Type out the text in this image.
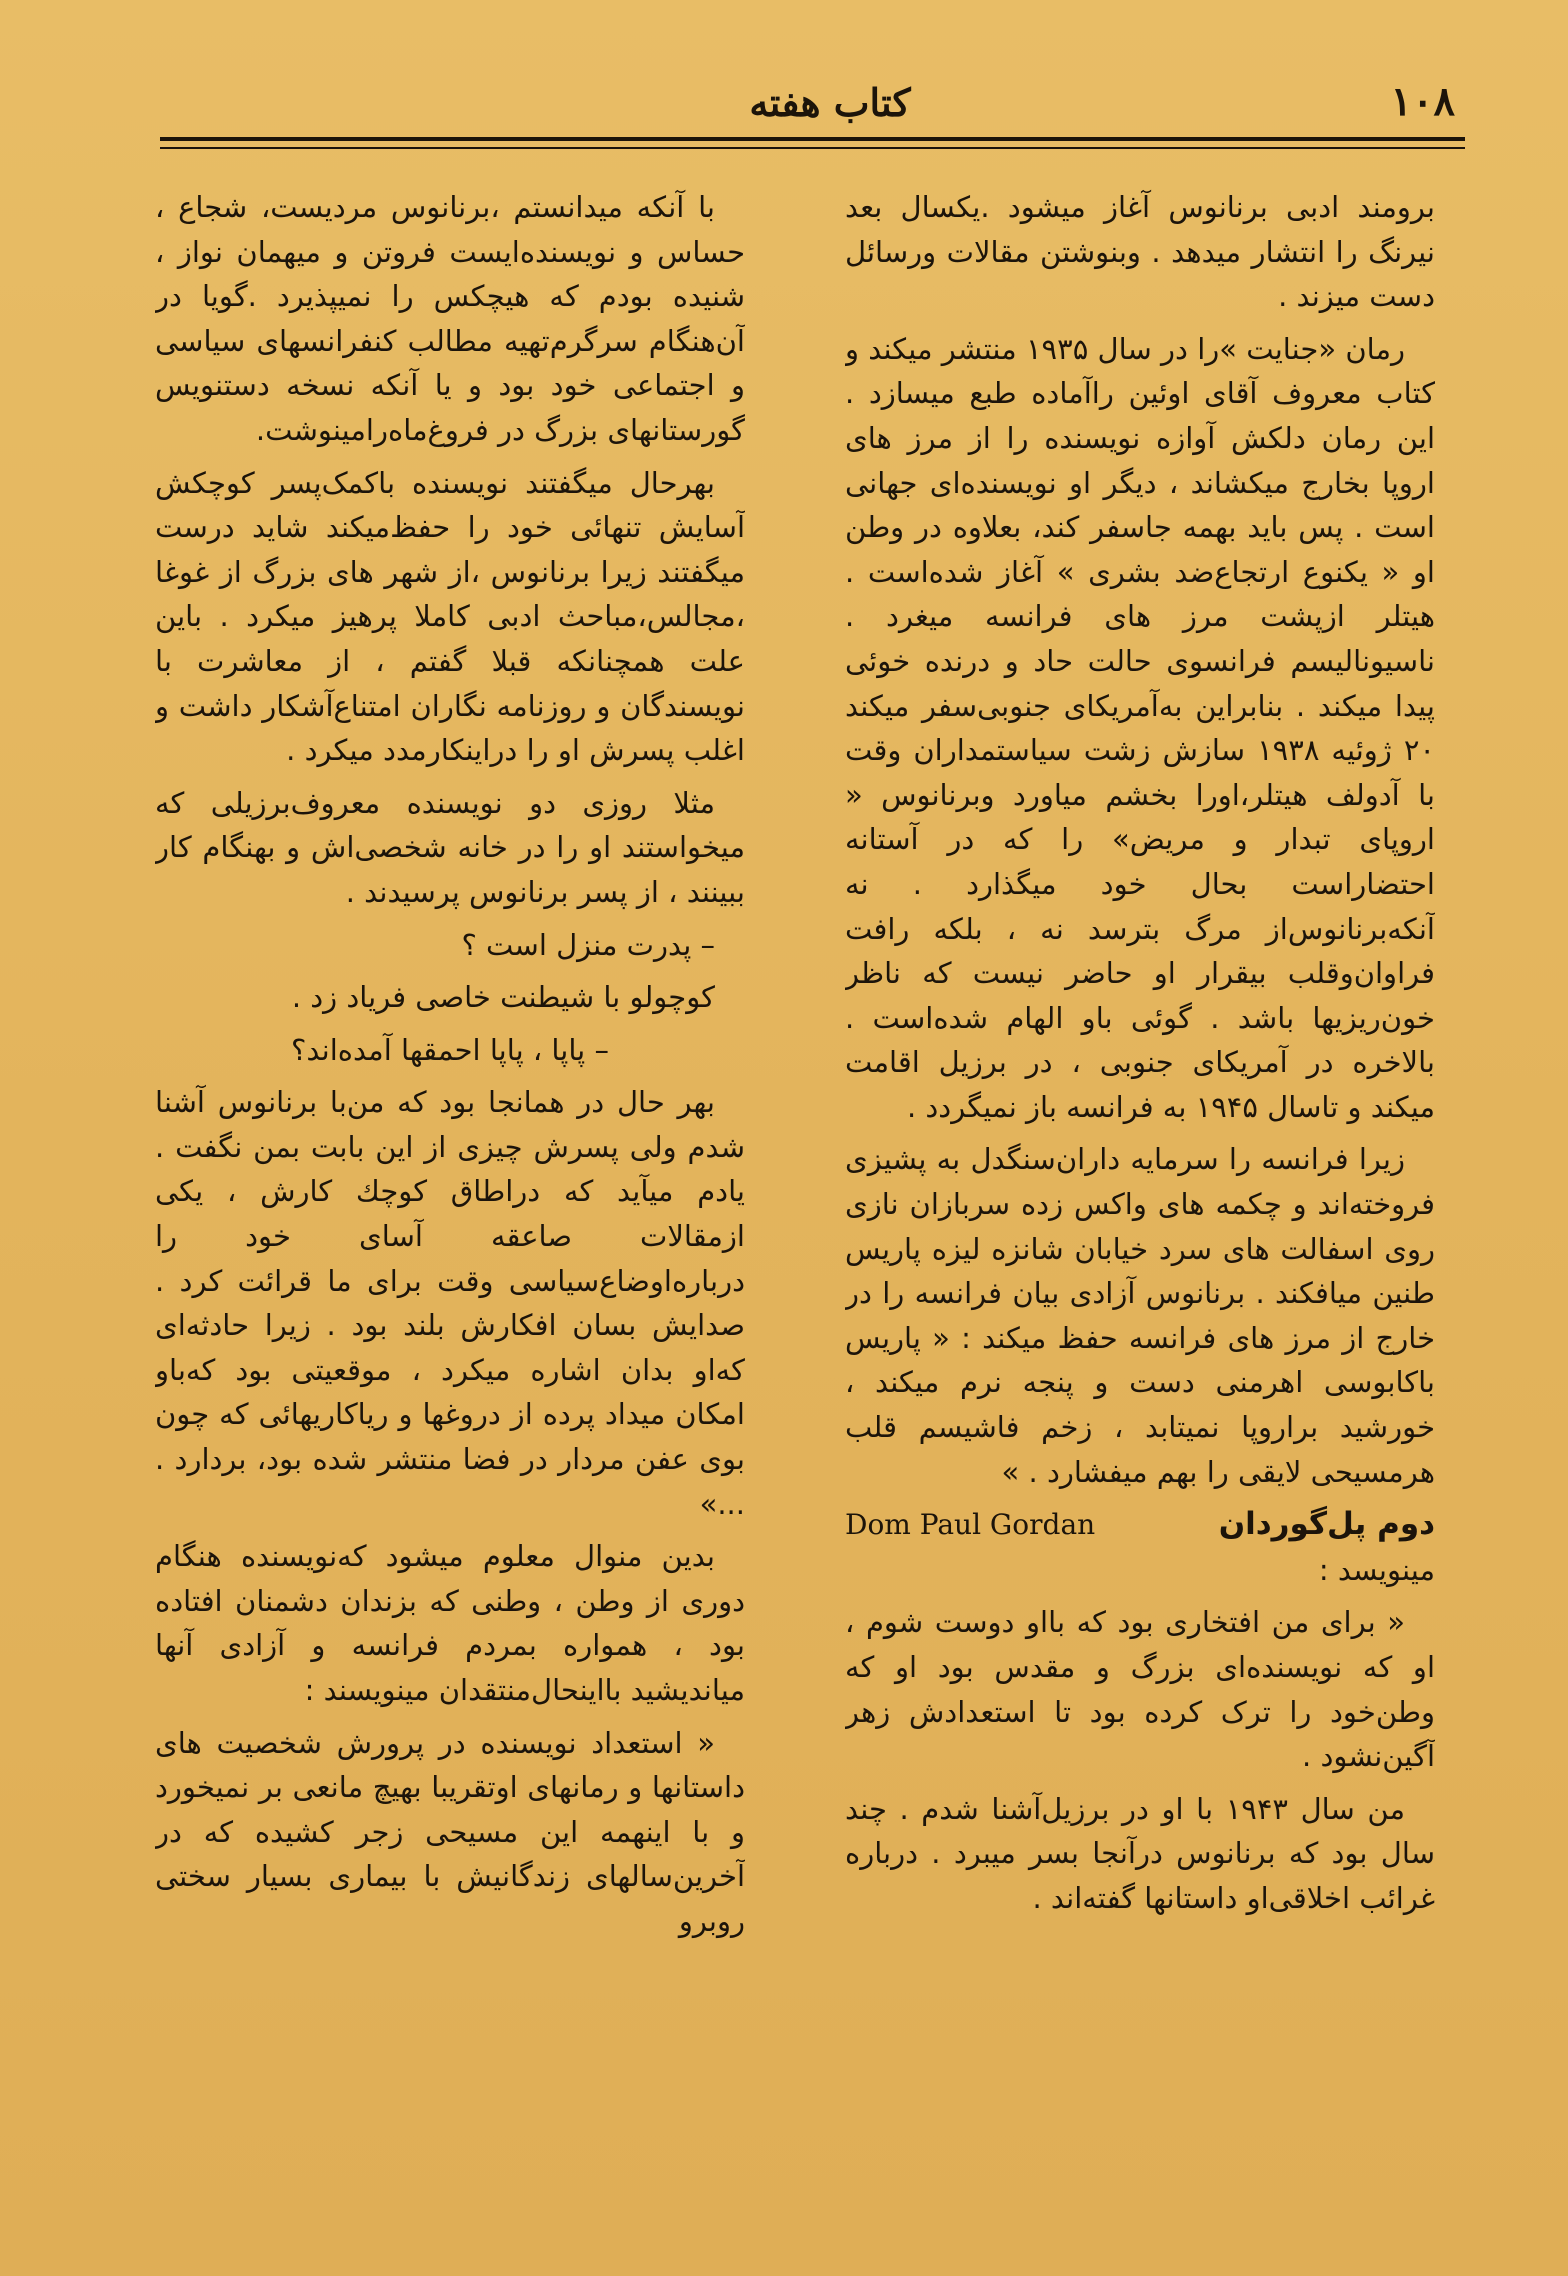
۱۰۸
کتاب هفته

برومند ادبی برنانوس آغاز میشود .یکسال بعد نیرنگ را انتشار میدهد . وبنوشتن مقالات ورسائل دست میزند .

رمان «جنایت »را در سال ۱۹۳۵ منتشر میکند و کتاب معروف آقای اوئین راآماده طبع میسازد . این رمان دلکش آوازه نویسنده را از مرز های اروپا بخارج میکشاند ، دیگر او نویسنده‌ای جهانی است . پس باید بهمه جاسفر کند، بعلاوه در وطن او « یکنوع ارتجاع‌ضد بشری » آغاز شده‌است . هیتلر ازپشت مرز های فرانسه میغرد . ناسیونالیسم فرانسوی حالت حاد و درنده خوئی پیدا میکند . بنابراین به‌آمریکای جنوبی‌سفر میکند ۲۰ ژوئیه ۱۹۳۸ سازش زشت سیاستمداران وقت با آدولف هیتلر،اورا بخشم میاورد وبرنانوس « اروپای تبدار و مریض» را که در آستانه احتضاراست بحال خود میگذارد . نه آنکه‌برنانوس‌از مرگ بترسد نه ، بلکه رافت فراوان‌وقلب بیقرار او حاضر نیست که ناظر خون‌ریزیها باشد . گوئی باو الهام شده‌است . بالاخره در آمریکای جنوبی ، در برزیل اقامت میکند و تاسال ۱۹۴۵ به فرانسه باز نمیگردد .

زیرا فرانسه را سرمایه داران‌سنگدل به پشیزی فروخته‌اند و چکمه های واکس زده سربازان نازی روی اسفالت های سرد خیابان شانزه لیزه پاریس طنین میافکند . برنانوس آزادی بیان فرانسه را در خارج از مرز های فرانسه حفظ میکند : « پاریس باکابوسی اهرمنی دست و پنجه نرم میکند ، خورشید براروپا نمیتابد ، زخم فاشیسم قلب هرمسیحی لایقی را بهم میفشارد . »

دوم پل‌گوردان
Dom Paul Gordan

مینویسد :

« برای من افتخاری بود که بااو دوست شوم ، او که نویسنده‌ای بزرگ و مقدس بود او که وطن‌خود را ترک کرده بود تا استعدادش زهر آگین‌نشود .

من سال ۱۹۴۳ با او در برزیل‌آشنا شدم . چند سال بود که برنانوس درآنجا بسر میبرد . درباره غرائب اخلاقی‌او داستانها گفته‌اند .

با آنکه میدانستم ،برنانوس مردیست، شجاع ، حساس و نویسنده‌ایست فروتن و میهمان نواز ، شنیده بودم که هیچکس را نمیپذیرد .گویا در آن‌هنگام سرگرم‌تهیه مطالب کنفرانسهای سیاسی و اجتماعی خود بود و یا آنکه نسخه دستنویس گورستانهای بزرگ در فروغ‌ماه‌رامینوشت.

بهرحال میگفتند نویسنده باکمک‌پسر کوچکش آسایش تنهائی خود را حفظ‌میکند شاید درست میگفتند زیرا برنانوس ،از شهر های بزرگ از غوغا ،مجالس،مباحث ادبی کاملا پرهیز میکرد . باین علت همچنانکه قبلا گفتم ، از معاشرت با نویسندگان و روزنامه نگاران امتناع‌آشکار داشت و اغلب پسرش او را دراینکارمدد میکرد .

مثلا روزی دو نویسنده معروف‌برزیلی که میخواستند او را در خانه شخصی‌اش و بهنگام کار ببینند ، از پسر برنانوس پرسیدند .

– پدرت منزل است ؟

کوچولو با شیطنت خاصی فریاد زد .

– پاپا ، پاپا احمقها آمده‌اند؟

بهر حال در همانجا بود که من‌با برنانوس آشنا شدم ولی پسرش چیزی از این بابت بمن نگفت . یادم میآید که دراطاق کوچك کارش ، یکی ازمقالات صاعقه آسای خود را درباره‌اوضاع‌سیاسی وقت برای ما قرائت کرد . صدایش بسان افکارش بلند بود . زیرا حادثه‌ای که‌او بدان اشاره میکرد ، موقعیتی بود که‌باو امکان میداد پرده از دروغها و ریاکاریهائی که چون بوی عفن مردار در فضا منتشر شده بود، بردارد . ...»

بدین منوال معلوم میشود که‌نویسنده هنگام دوری از وطن ، وطنی که بزندان دشمنان افتاده بود ، همواره بمردم فرانسه و آزادی آنها میاندیشید بااینحال‌منتقدان مینویسند :

« استعداد نویسنده در پرورش شخصیت های داستانها و رمانهای اوتقریبا بهیچ مانعی بر نمیخورد و با اینهمه این مسیحی زجر کشیده که در آخرین‌سالهای زندگانیش با بیماری بسیار سختی روبرو
